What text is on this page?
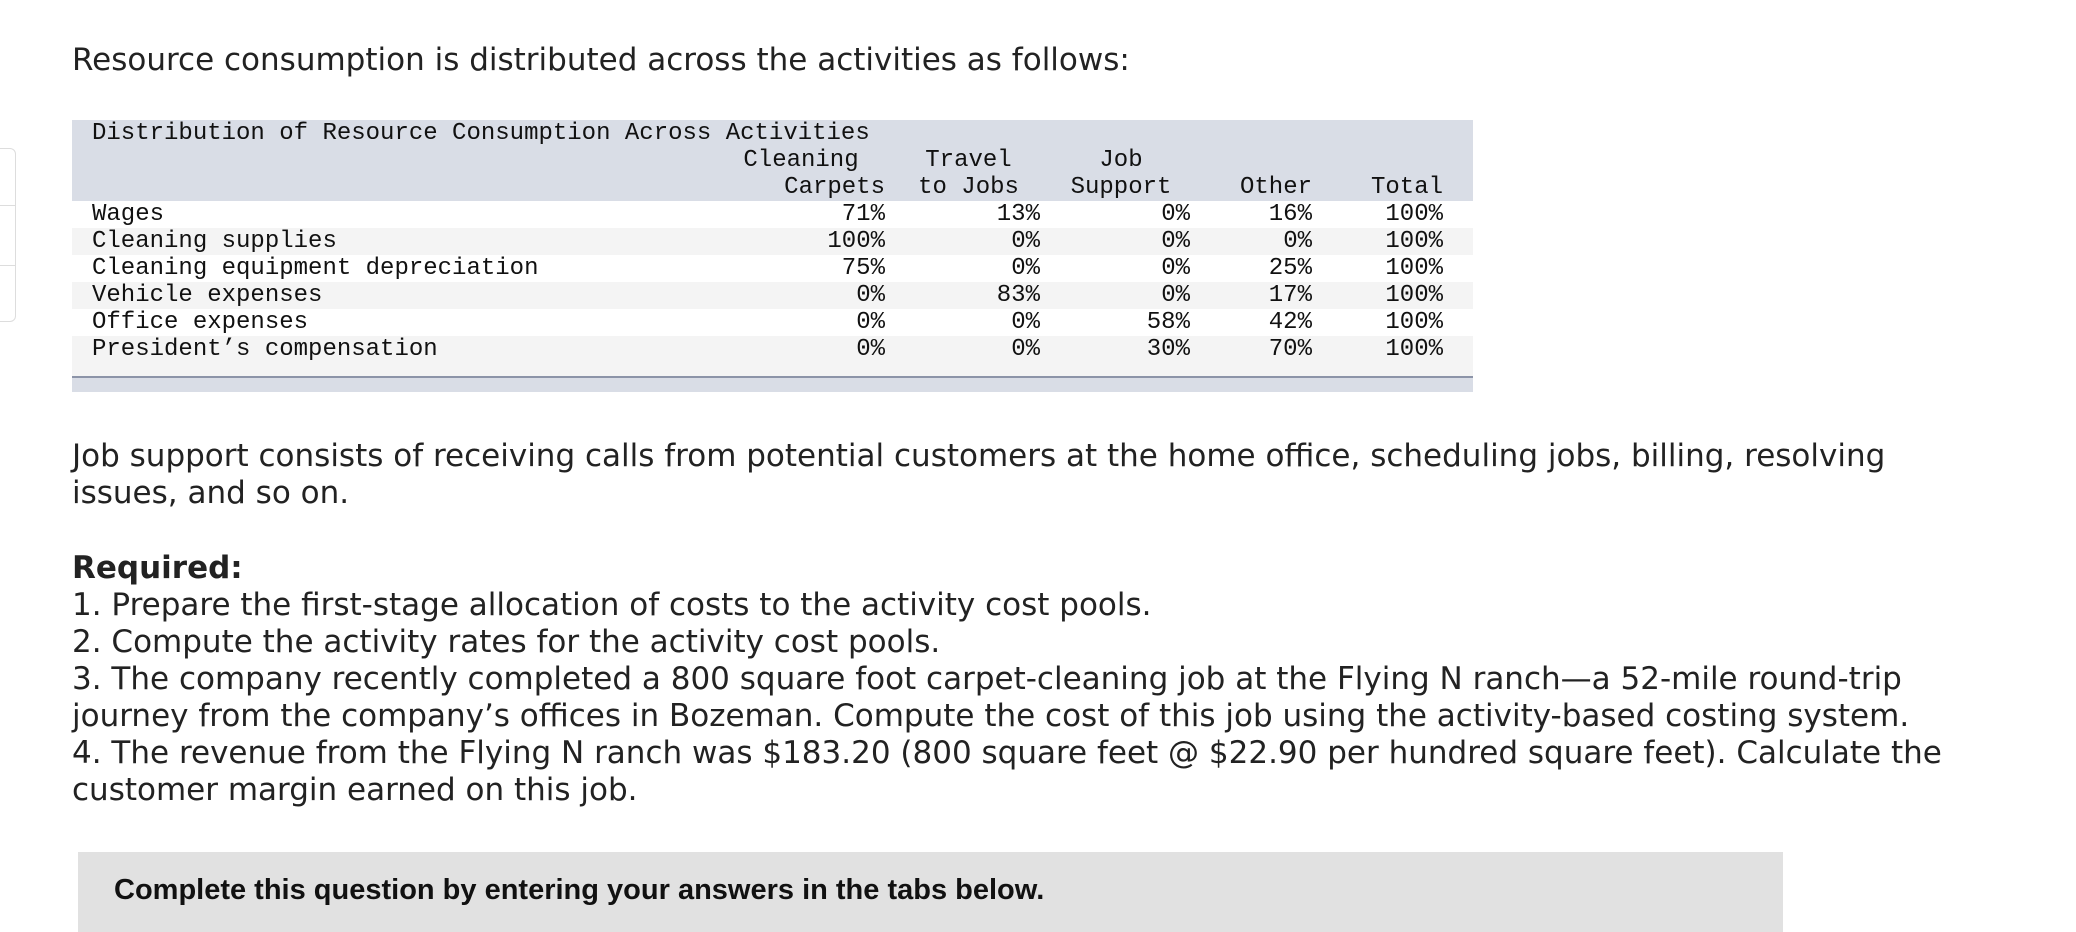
Resource consumption is distributed across the activities as follows:

Distribution of Resource Consumption Across Activities					
	Cleaning	Travel	Job		
	Carpets	to Jobs	Support	Other	Total
Wages	71%	13%	0%	16%	100%
Cleaning supplies	100%	0%	0%	0%	100%
Cleaning equipment depreciation	75%	0%	0%	25%	100%
Vehicle expenses	0%	83%	0%	17%	100%
Office expenses	0%	0%	58%	42%	100%
President’s compensation	0%	0%	30%	70%	100%

Job support consists of receiving calls from potential customers at the home office, scheduling jobs, billing, resolving issues, and so on.

Required:
1. Prepare the first-stage allocation of costs to the activity cost pools.
2. Compute the activity rates for the activity cost pools.
3. The company recently completed a 800 square foot carpet-cleaning job at the Flying N ranch—a 52-mile round-trip journey from the company’s offices in Bozeman. Compute the cost of this job using the activity-based costing system.
4. The revenue from the Flying N ranch was $183.20 (800 square feet @ $22.90 per hundred square feet). Calculate the customer margin earned on this job.
Complete this question by entering your answers in the tabs below.
